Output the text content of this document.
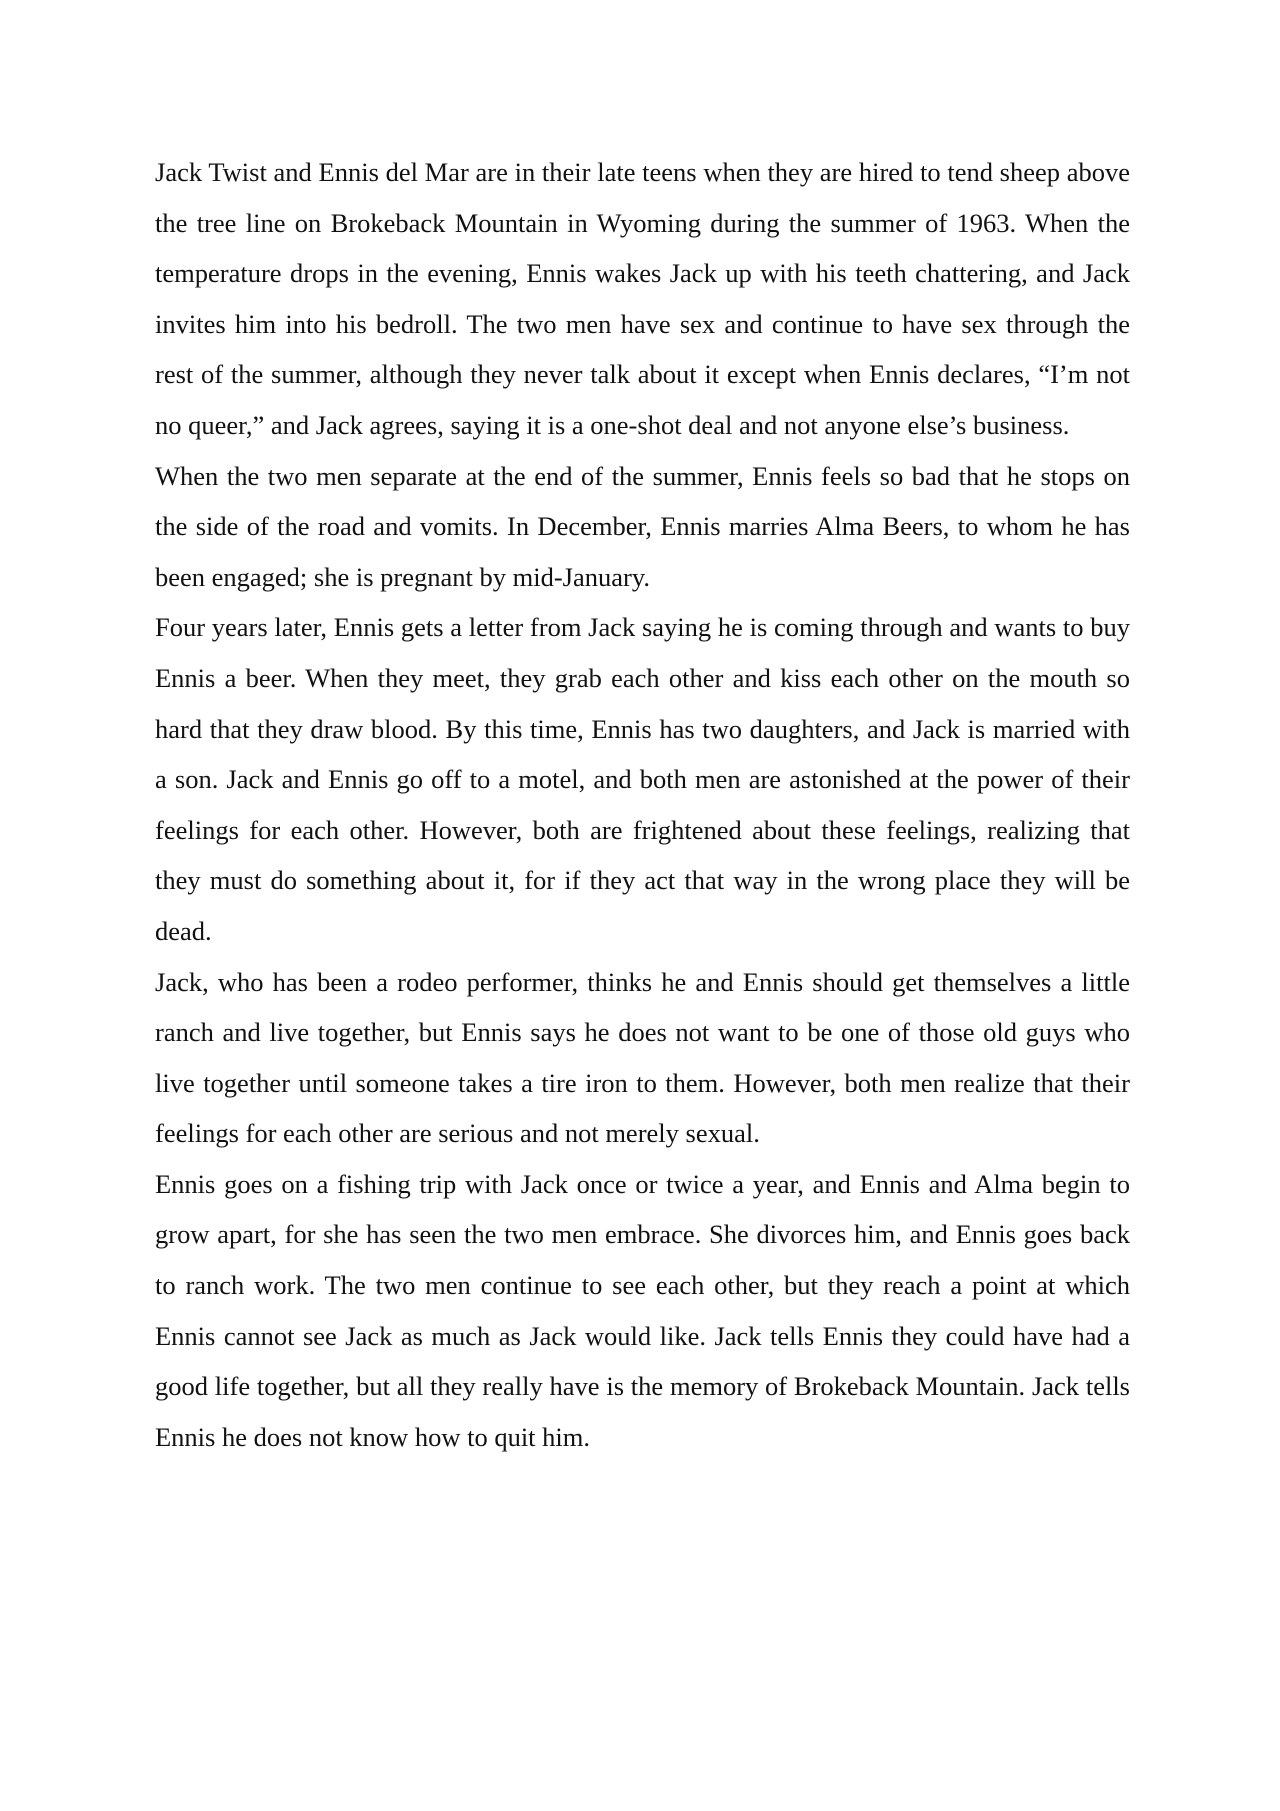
Jack Twist and Ennis del Mar are in their late teens when they are hired to tend sheep above the tree line on Brokeback Mountain in Wyoming during the summer of 1963. When the temperature drops in the evening, Ennis wakes Jack up with his teeth chattering, and Jack invites him into his bedroll. The two men have sex and continue to have sex through the rest of the summer, although they never talk about it except when Ennis declares, “I’m not no queer,” and Jack agrees, saying it is a one-shot deal and not anyone else’s business.

When the two men separate at the end of the summer, Ennis feels so bad that he stops on the side of the road and vomits. In December, Ennis marries Alma Beers, to whom he has been engaged; she is pregnant by mid-January.

Four years later, Ennis gets a letter from Jack saying he is coming through and wants to buy Ennis a beer. When they meet, they grab each other and kiss each other on the mouth so hard that they draw blood. By this time, Ennis has two daughters, and Jack is married with a son. Jack and Ennis go off to a motel, and both men are astonished at the power of their feelings for each other. However, both are frightened about these feelings, realizing that they must do something about it, for if they act that way in the wrong place they will be dead.

Jack, who has been a rodeo performer, thinks he and Ennis should get themselves a little ranch and live together, but Ennis says he does not want to be one of those old guys who live together until someone takes a tire iron to them. However, both men realize that their feelings for each other are serious and not merely sexual.

Ennis goes on a fishing trip with Jack once or twice a year, and Ennis and Alma begin to grow apart, for she has seen the two men embrace. She divorces him, and Ennis goes back to ranch work. The two men continue to see each other, but they reach a point at which Ennis cannot see Jack as much as Jack would like. Jack tells Ennis they could have had a good life together, but all they really have is the memory of Brokeback Mountain. Jack tells Ennis he does not know how to quit him.
